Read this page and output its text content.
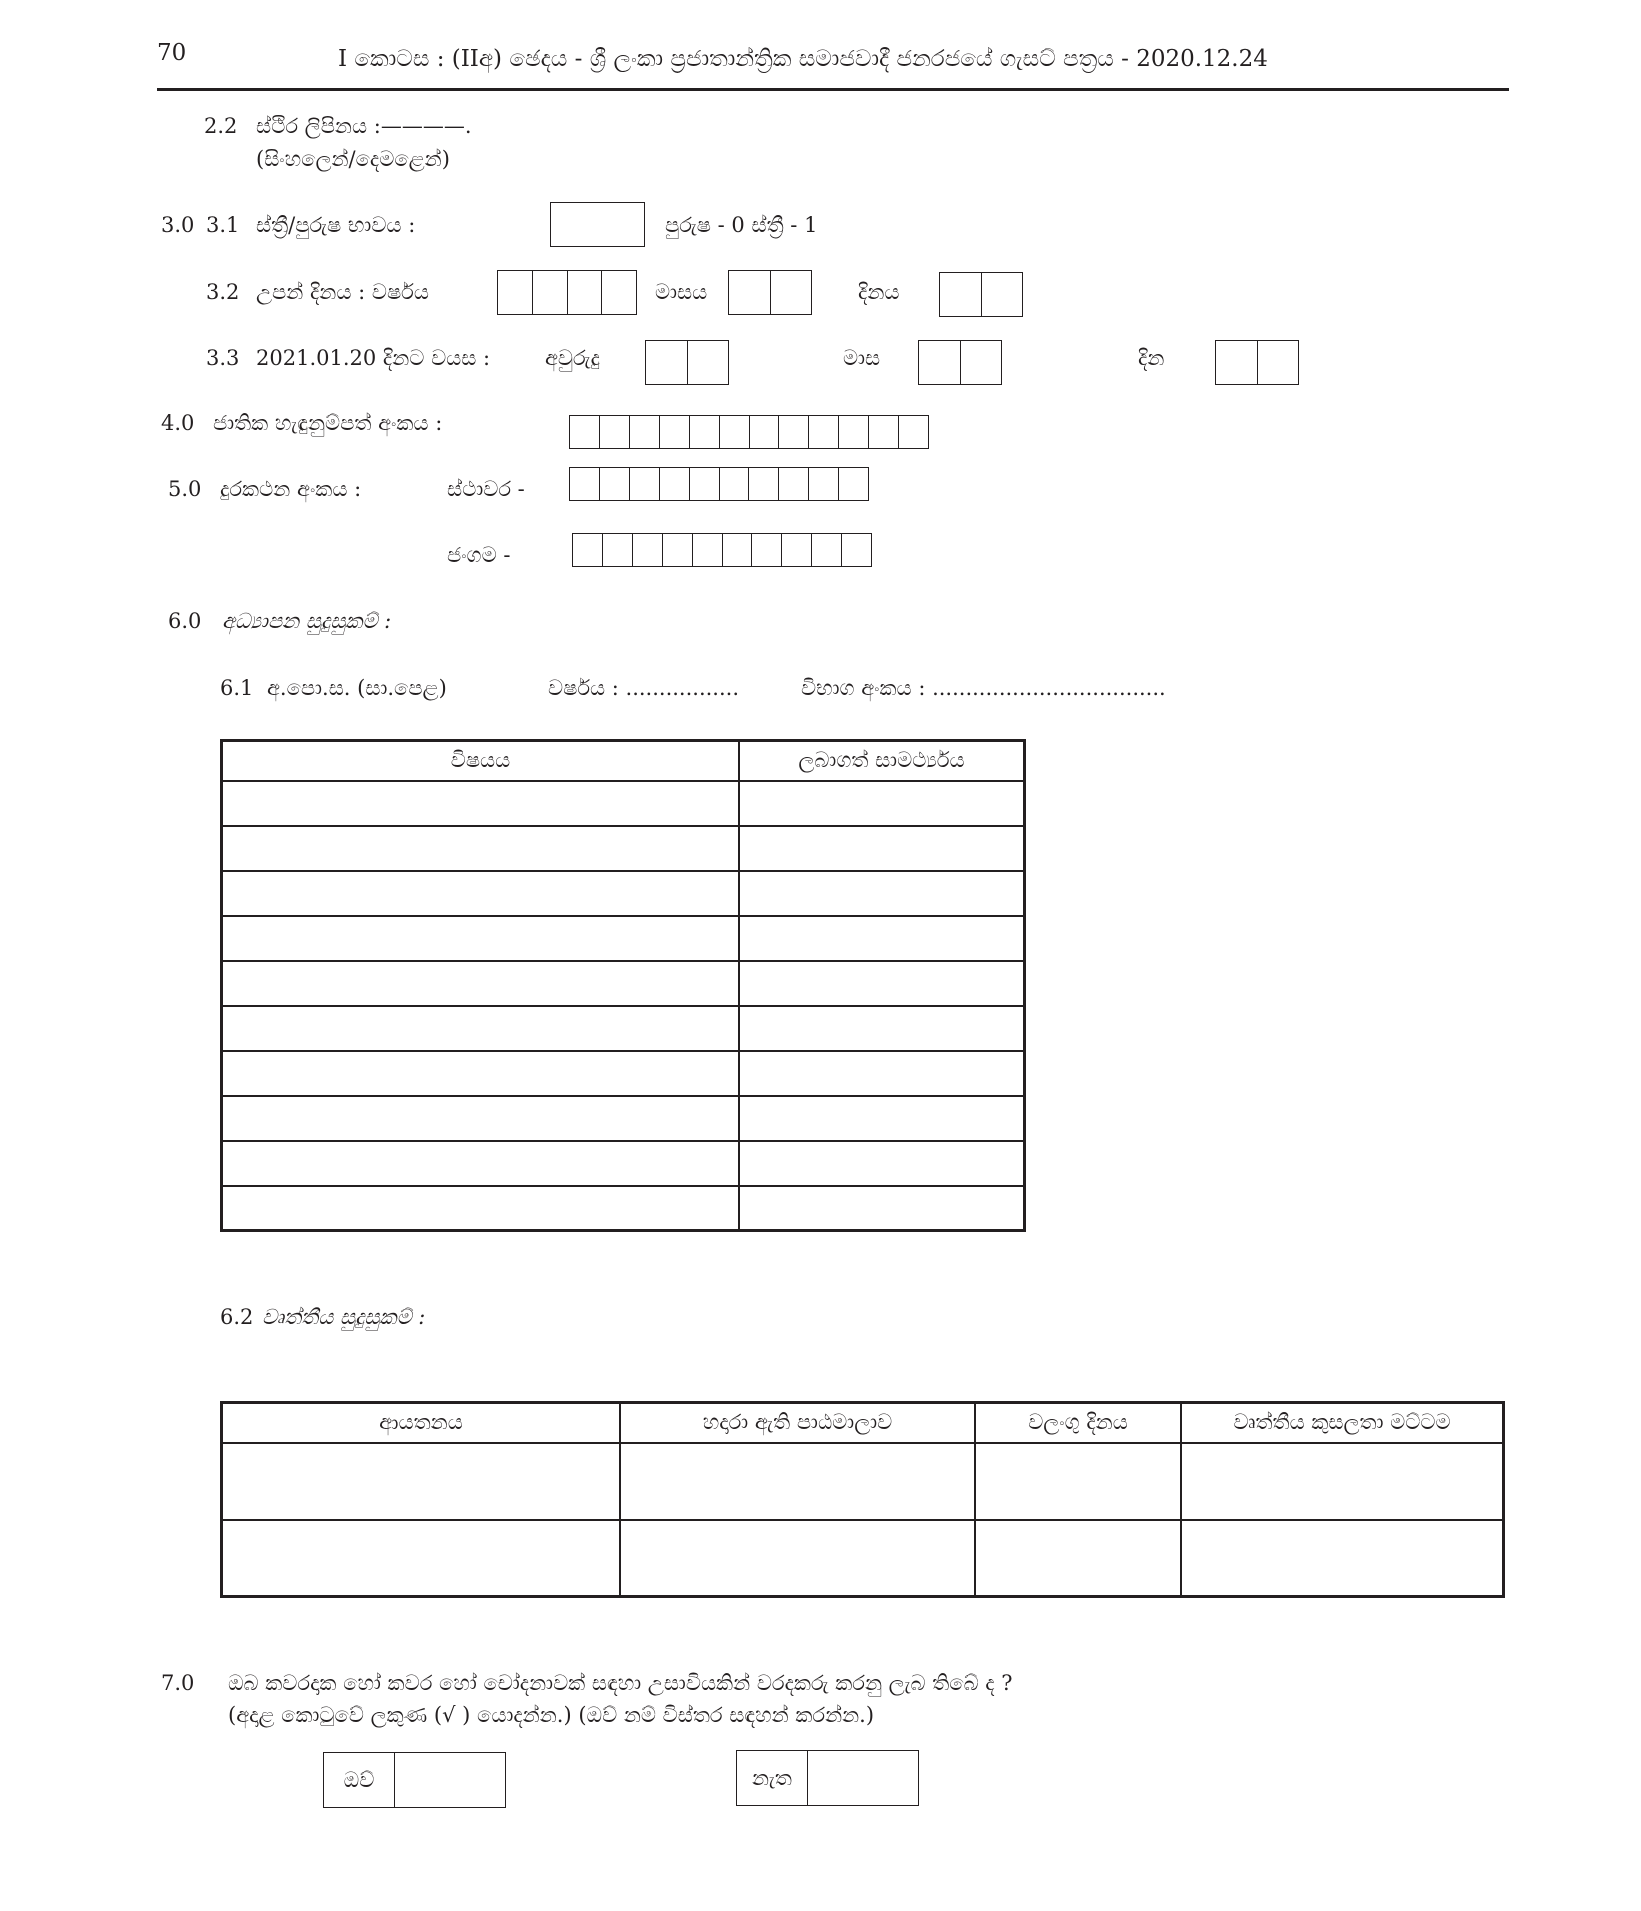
70	I කොටස : (IIඅ) ඡෙදය - ශ්‍රී ලංකා ප්‍රජාතාන්ත්‍රික සමාජවාදී ජනරජයේ ගැසට් පත්‍රය - 2020.12.24
2.2 ස්ථිර ලිපිනය :————.
(සිංහලෙන්/දෙමළෙන්)
3.0 3.1 ස්ත්‍රී/පුරුෂ භාවය :	පුරුෂ - 0 ස්ත්‍රී - 1
3.2 උපන් දිනය : වර්ෂය	මාසය	දිනය
3.3 2021.01.20 දිනට වයස :	අවුරුදු	මාස	දින
4.0 ජාතික හැඳුනුම්පත් අංකය :
5.0 දුරකථන අංකය :	ස්ථාවර -
ජංගම -
6.0 අධ්‍යාපන සුදුසුකම් :
6.1 අ.පො.ස. (සා.පෙළ)	වර්ෂය : .................	විභාග අංකය : ...................................
විෂයය	ලබාගත් සාමර්ථ්‍යය

6.2 වෘත්තීය සුදුසුකම් :
ආයතනය	හදාරා ඇති පාඨමාලාව	වලංගු දිනය	වෘත්තීය කුසලතා මට්ටම

7.0 ඔබ කවරදාක හෝ කවර හෝ චෝදනාවක් සඳහා උසාවියකින් වරදකරු කරනු ලැබ තිබේ ද ?
(අදාළ කොටුවේ ලකුණ (√ ) යොදන්න.) (ඔව් නම් විස්තර සඳහන් කරන්න.)
ඔව්	නැත
